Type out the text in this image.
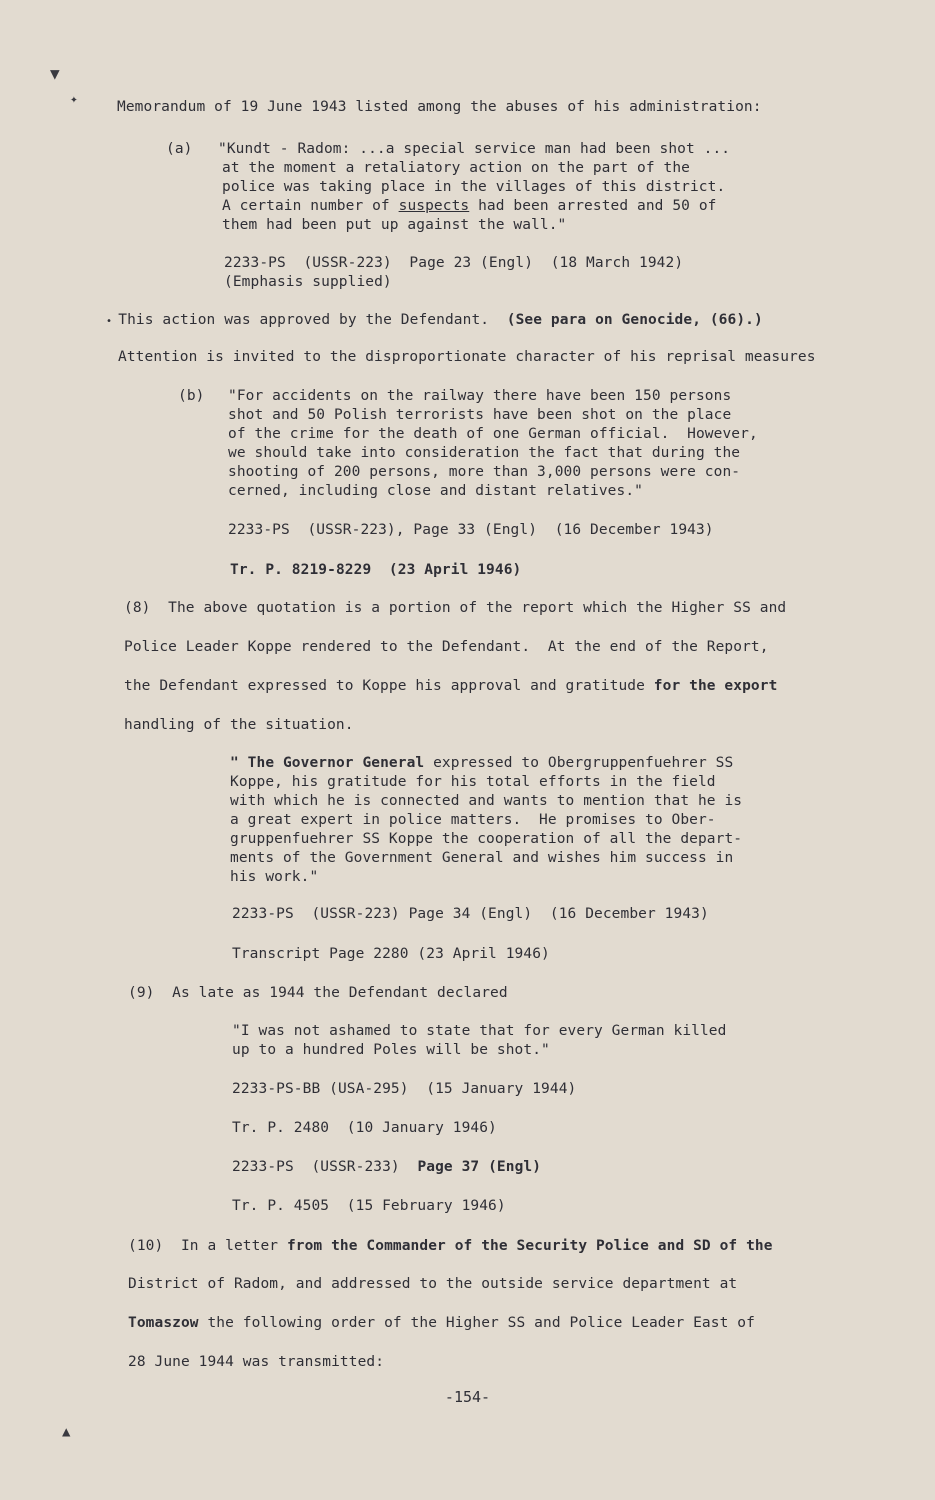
▼
✦
▲
Memorandum of 19 June 1943 listed among the abuses of his administration:
(a) "Kundt - Radom: ...a special service man had been shot ...
at the moment a retaliatory action on the part of the
police was taking place in the villages of this district.
A certain number of suspects had been arrested and 50 of
them had been put up against the wall."
2233-PS  (USSR-223)  Page 23 (Engl)  (18 March 1942)
(Emphasis supplied)
• This action was approved by the Defendant.  (See para on Genocide, (66).)
Attention is invited to the disproportionate character of his reprisal measures
(b) "For accidents on the railway there have been 150 persons
shot and 50 Polish terrorists have been shot on the place
of the crime for the death of one German official.  However,
we should take into consideration the fact that during the
shooting of 200 persons, more than 3,000 persons were con-
cerned, including close and distant relatives."
2233-PS  (USSR-223), Page 33 (Engl)  (16 December 1943)
Tr. P. 8219-8229  (23 April 1946)
(8)  The above quotation is a portion of the report which the Higher SS and
Police Leader Koppe rendered to the Defendant.  At the end of the Report,
the Defendant expressed to Koppe his approval and gratitude for the export
handling of the situation.
" The Governor General expressed to Obergruppenfuehrer SS
Koppe, his gratitude for his total efforts in the field
with which he is connected and wants to mention that he is
a great expert in police matters.  He promises to Ober-
gruppenfuehrer SS Koppe the cooperation of all the depart-
ments of the Government General and wishes him success in
his work."
2233-PS  (USSR-223) Page 34 (Engl)  (16 December 1943)
Transcript Page 2280 (23 April 1946)
(9)  As late as 1944 the Defendant declared
"I was not ashamed to state that for every German killed
up to a hundred Poles will be shot."
2233-PS-BB (USA-295)  (15 January 1944)
Tr. P. 2480  (10 January 1946)
2233-PS  (USSR-233)  Page 37 (Engl)
Tr. P. 4505  (15 February 1946)
(10)  In a letter from the Commander of the Security Police and SD of the
District of Radom, and addressed to the outside service department at
Tomaszow the following order of the Higher SS and Police Leader East of
28 June 1944 was transmitted:
-154-
